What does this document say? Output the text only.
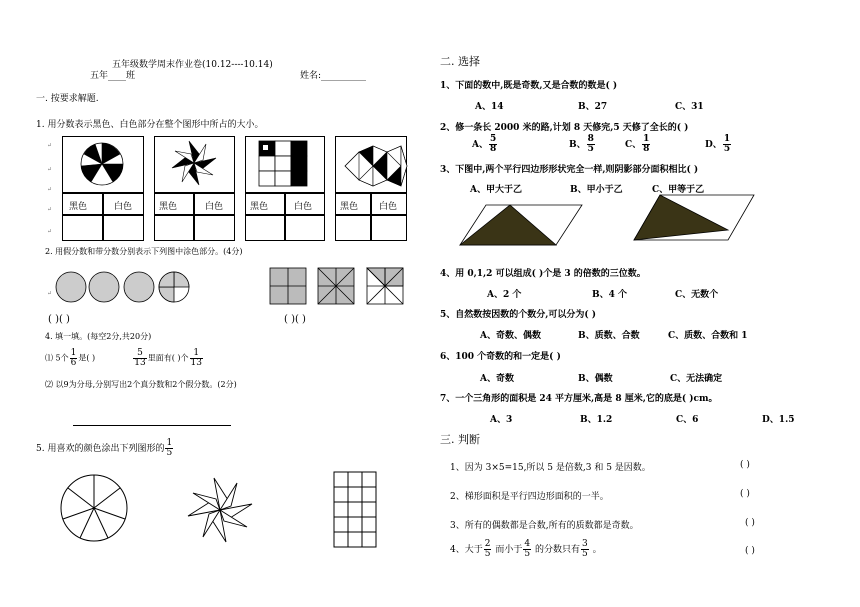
五年级数学周末作业卷(10.12----10.14)
五年____班	姓名:__________
一. 按要求解题.
1. 用分数表示黑色、白色部分在整个图形中所占的大小。
黑色	白色	黑色	白色	黑色	白色	黑色 白色
2. 用假分数和带分数分别表示下列图中涂色部分。(4分)
( )( )	( )( )
4. 填一填。(每空2分,共20分)
⑴ 5个 $\frac{1}{6}$ 是( )	$\frac{5}{13}$ 里面有( )个 $\frac{1}{13}$
⑵ 以9为分母,分别写出2个真分数和2个假分数。(2分)
5. 用喜欢的颜色涂出下列图形的 $\frac{1}{5}$
↵
↵
↵
↵
↵
↵
二. 选择
1、下面的数中,既是奇数,又是合数的数是( )
A、14	B、27	C、31
2、修一条长 2000 米的路,计划 8 天修完,5 天修了全长的( )
A、 $\frac{5}{8}$	B、 $\frac{8}{5}$	C、 $\frac{1}{8}$	D、 $\frac{1}{5}$
3、下图中,两个平行四边形形状完全一样,则阴影部分面积相比( )
A、甲大于乙	B、甲小于乙	C、甲等于乙
4、用 0,1,2 可以组成( )个是 3 的倍数的三位数。
A、2 个	B、4 个	C、无数个
5、自然数按因数的个数分,可以分为( )
A、奇数、偶数	B、质数、合数	C、质数、合数和 1
6、100 个奇数的和一定是( )
A、奇数	B、偶数	C、无法确定
7、一个三角形的面积是 24 平方厘米,高是 8 厘米,它的底是( )cm。
A、3	B、1.2	C、6	D、1.5
三. 判断
1、因为 3×5=15,所以 5 是倍数,3 和 5 是因数。	( )
2、梯形面积是平行四边形面积的一半。	( )
3、所有的偶数都是合数,所有的质数都是奇数。	( )
4、大于 $\frac{2}{5}$ 而小于 $\frac{4}{5}$ 的分数只有 $\frac{3}{5}$ 。	( )
